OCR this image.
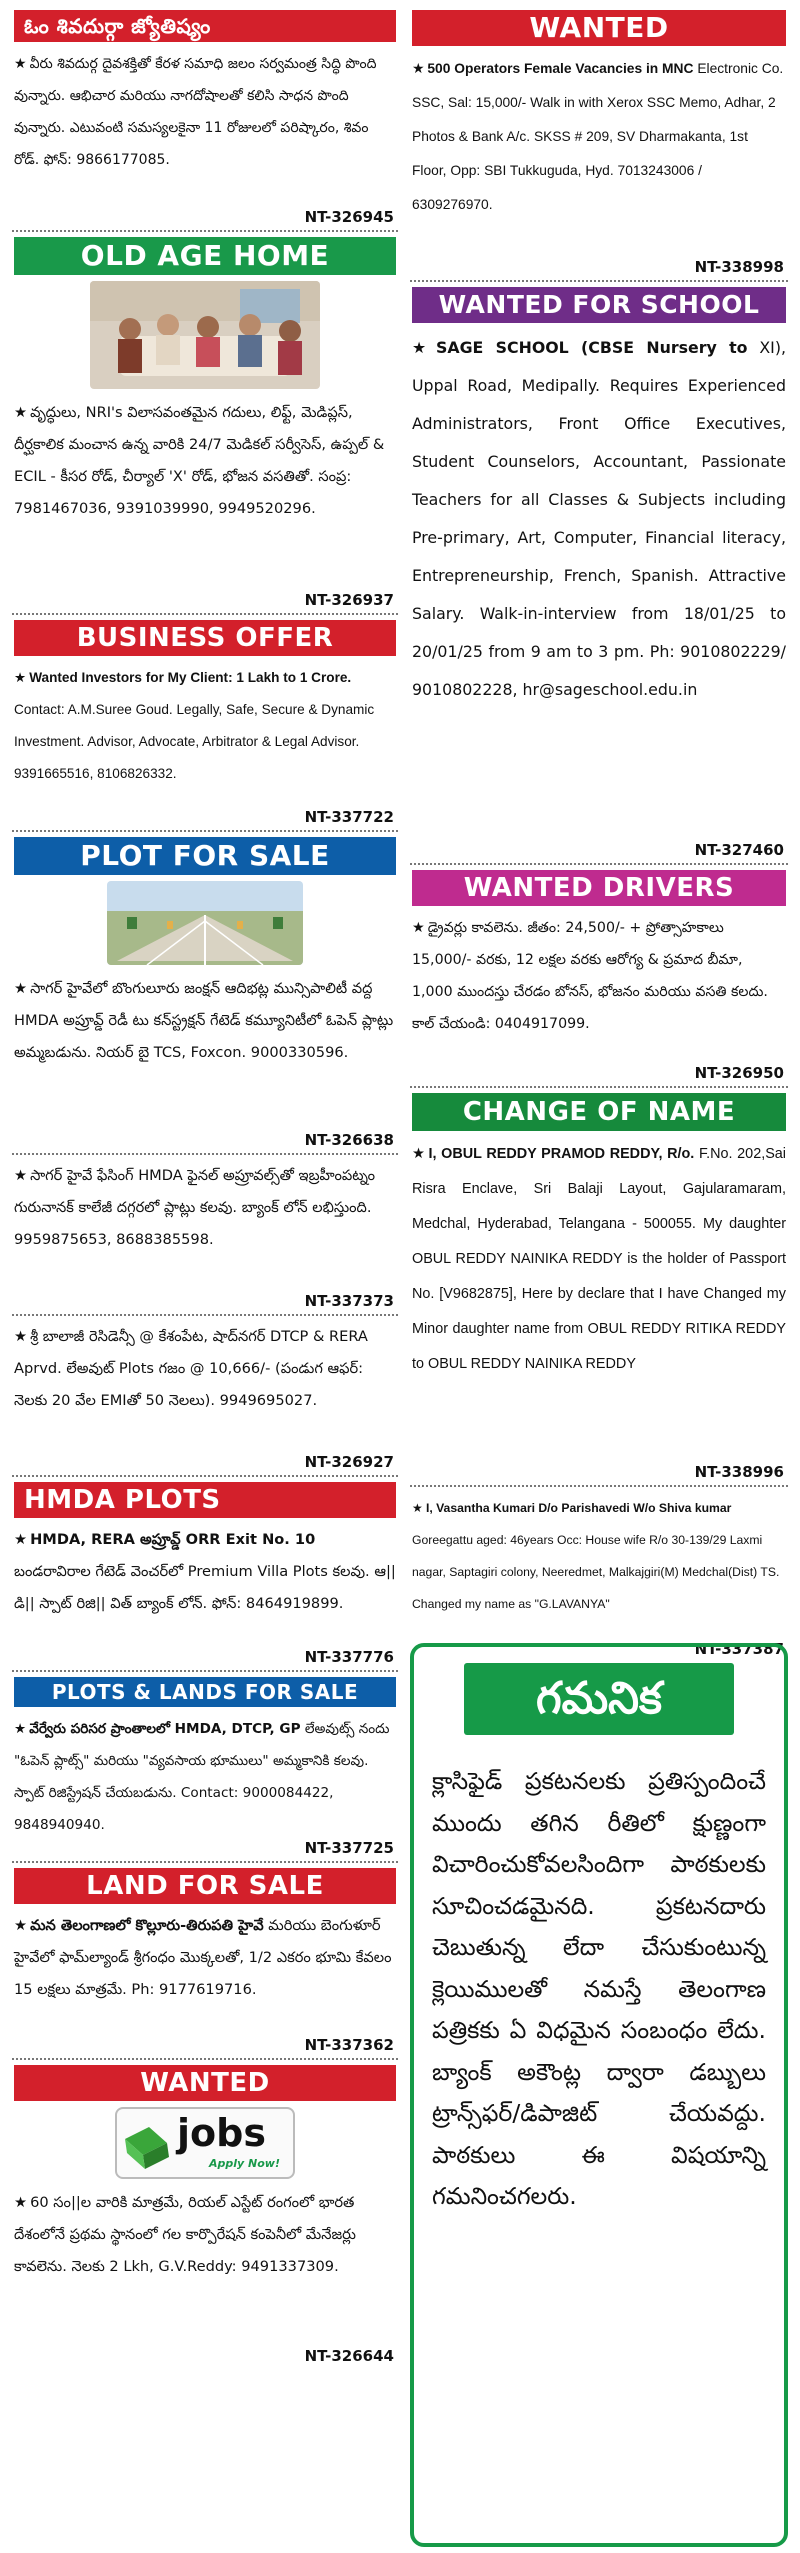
ఓం శివదుర్గా జ్యోతిష్యం
★ వీరు శివదుర్గ దైవశక్తితో కేరళ సమాధి జలం సర్వమంత్ర సిద్ధి పొంది వున్నారు. ఆభిచార మరియు నాగదోషాలతో కలిసి సాధన పొంది వున్నారు. ఎటువంటి సమస్యలకైనా 11 రోజులలో పరిష్కారం, శివం రోడ్. ఫోన్: 9866177085.
NT-326945
OLD AGE HOME
★ వృద్ధులు, NRI's విలాసవంతమైన గదులు, లిఫ్ట్, మెడిప్లస్, దీర్ఘకాలిక మంచాన ఉన్న వారికి 24/7 మెడికల్ సర్వీసెస్, ఉప్పల్ & ECIL - కీసర రోడ్, చీర్యాల్ 'X' రోడ్, భోజన వసతితో. సంప్ర: 7981467036, 9391039990, 9949520296.
NT-326937
BUSINESS OFFER
★ Wanted Investors for My Client: 1 Lakh to 1 Crore. Contact: A.M.Suree Goud. Legally, Safe, Secure & Dynamic Investment. Advisor, Advocate, Arbitrator & Legal Advisor. 9391665516, 8106826332.
NT-337722
PLOT FOR SALE
★ సాగర్ హైవేలో బొంగులూరు జంక్షన్ ఆదిభట్ల మున్సిపాలిటీ వద్ద HMDA అప్రూవ్డ్ రెడీ టు కన్‌స్ట్రక్షన్ గేటెడ్ కమ్యూనిటీలో ఓపెన్ ప్లాట్లు అమ్మబడును. నియర్ బై TCS, Foxcon. 9000330596.
NT-326638
★ సాగర్ హైవే ఫేసింగ్ HMDA ఫైనల్ అప్రూవల్స్‌తో ఇబ్రహీంపట్నం గురునానక్ కాలేజీ దగ్గరలో ప్లాట్లు కలవు. బ్యాంక్ లోన్ లభిస్తుంది. 9959875653, 8688385598.
NT-337373
★ శ్రీ బాలాజీ రెసిడెన్సీ @ కేశంపేట, షాద్‌నగర్ DTCP & RERA Aprvd. లేఅవుట్ Plots గజం @ 10,666/- (పండుగ ఆఫర్: నెలకు 20 వేల EMIతో 50 నెలలు). 9949695027.
NT-326927
HMDA PLOTS
★ HMDA, RERA అప్రూవ్డ్ ORR Exit No. 10 బండరావిరాల గేటెడ్ వెంచర్‌లో Premium Villa Plots కలవు. ఆ|| డి|| స్పాట్ రిజి|| విత్ బ్యాంక్ లోన్. ఫోన్: 8464919899.
NT-337776
PLOTS & LANDS FOR SALE
★ వేర్వేరు పరిసర ప్రాంతాలలో HMDA, DTCP, GP లేఅవుట్స్ నందు "ఓపెన్ ప్లాట్స్" మరియు "వ్యవసాయ భూములు" అమ్మకానికి కలవు. స్పాట్ రిజిస్ట్రేషన్ చేయబడును. Contact: 9000084422, 9848940940.
NT-337725
LAND FOR SALE
★ మన తెలంగాణలో కొల్లూరు-తిరుపతి హైవే మరియు బెంగుళూర్ హైవేలో ఫామ్‌ల్యాండ్ శ్రీగంధం మొక్కలతో, 1/2 ఎకరం భూమి కేవలం 15 లక్షలు మాత్రమే. Ph: 9177619716.
NT-337362
WANTED
jobs
Apply Now!
★ 60 సం||ల వారికి మాత్రమే, రియల్ ఎస్టేట్ రంగంలో భారత దేశంలోనే ప్రథమ స్థానంలో గల కార్పొరేషన్ కంపెనీలో మేనేజర్లు కావలెను. నెలకు 2 Lkh, G.V.Reddy: 9491337309.
NT-326644
WANTED
★ 500 Operators Female Vacancies in MNC Electronic Co. SSC, Sal: 15,000/- Walk in with Xerox SSC Memo, Adhar, 2 Photos & Bank A/c. SKSS # 209, SV Dharmakanta, 1st Floor, Opp: SBI Tukkuguda, Hyd. 7013243006 / 6309276970.
NT-338998
WANTED FOR SCHOOL
★ SAGE SCHOOL (CBSE Nursery to XI), Uppal Road, Medipally. Requires Experienced Administrators, Front Office Executives, Student Counselors, Accountant, Passionate Teachers for all Classes & Subjects including Pre-primary, Art, Computer, Financial literacy, Entrepreneurship, French, Spanish. Attractive Salary. Walk-in-interview from 18/01/25 to 20/01/25 from 9 am to 3 pm. Ph: 9010802229/ 9010802228, hr@sageschool.edu.in
NT-327460
WANTED DRIVERS
★ డ్రైవర్లు కావలెను. జీతం: 24,500/- + ప్రోత్సాహకాలు 15,000/- వరకు, 12 లక్షల వరకు ఆరోగ్య & ప్రమాద బీమా, 1,000 ముందస్తు చేరడం బోనస్, భోజనం మరియు వసతి కలదు. కాల్ చేయండి: 0404917099.
NT-326950
CHANGE OF NAME
★ I, OBUL REDDY PRAMOD REDDY, R/o. F.No. 202,Sai Risra Enclave, Sri Balaji Layout, Gajularamaram, Medchal, Hyderabad, Telangana - 500055. My daughter OBUL REDDY NAINIKA REDDY is the holder of Passport No. [V9682875], Here by declare that I have Changed my Minor daughter name from OBUL REDDY RITIKA REDDY to OBUL REDDY NAINIKA REDDY
NT-338996
★ I, Vasantha Kumari D/o Parishavedi W/o Shiva kumar Goreegattu aged: 46years Occ: House wife R/o 30-139/29 Laxmi nagar, Saptagiri colony, Neeredmet, Malkajgiri(M) Medchal(Dist) TS. Changed my name as "G.LAVANYA"
NT-337387
గమనిక
క్లాసిఫైడ్ ప్రకటనలకు ప్రతిస్పందించే ముందు తగిన రీతిలో క్షుణ్ణంగా విచారించుకోవలసిందిగా పాఠకులకు సూచించడమైనది. ప్రకటనదారు చెబుతున్న లేదా చేసుకుంటున్న క్లెయిములతో నమస్తే తెలంగాణ పత్రికకు ఏ విధమైన సంబంధం లేదు. బ్యాంక్ అకౌంట్ల ద్వారా డబ్బులు ట్రాన్స్‌ఫర్/డిపాజిట్ చేయవద్దు. పాఠకులు ఈ విషయాన్ని గమనించగలరు.
